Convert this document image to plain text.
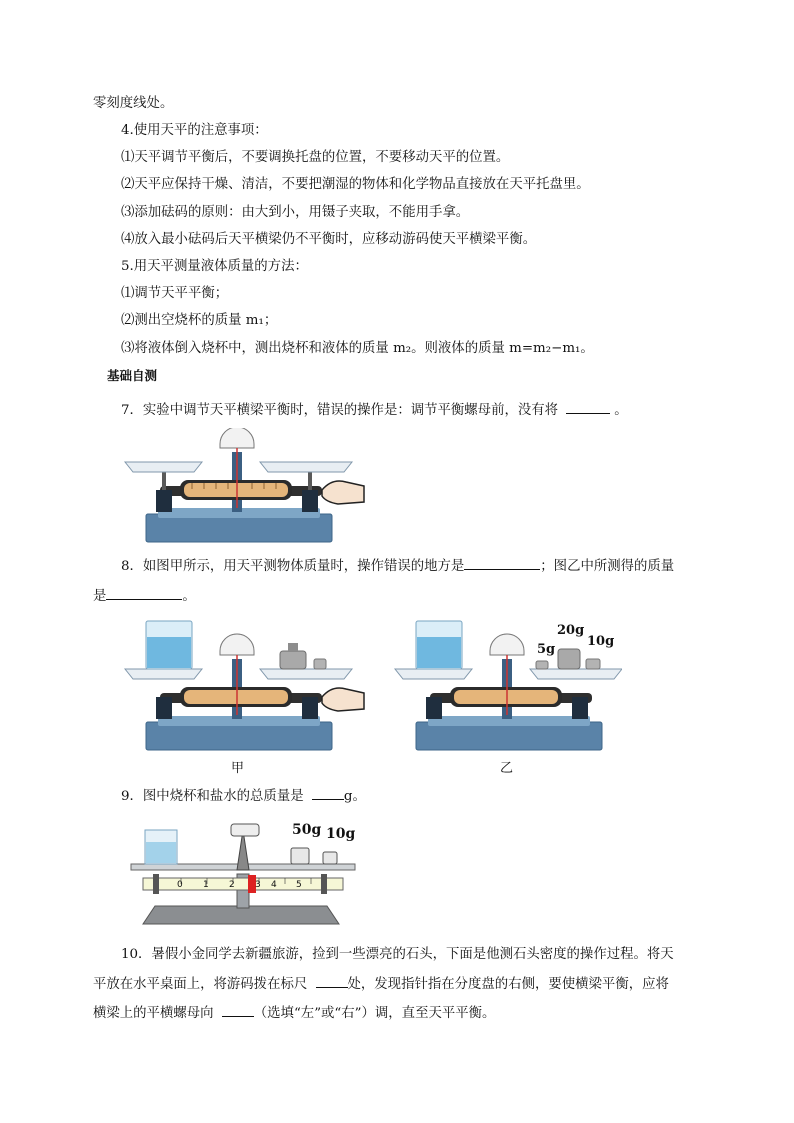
零刻度线处。
4.使用天平的注意事项：
⑴天平调节平衡后，不要调换托盘的位置，不要移动天平的位置。
⑵天平应保持干燥、清洁，不要把潮湿的物体和化学物品直接放在天平托盘里。
⑶添加砝码的原则：由大到小，用镊子夹取，不能用手拿。
⑷放入最小砝码后天平横梁仍不平衡时，应移动游码使天平横梁平衡。
5.用天平测量液体质量的方法：
⑴调节天平平衡；
⑵测出空烧杯的质量 m₁；
⑶将液体倒入烧杯中，测出烧杯和液体的质量 m₂。则液体的质量 m=m₂−m₁。
基础自测
7．实验中调节天平横梁平衡时，错误的操作是：调节平衡螺母前，没有将	。
8．如图甲所示，用天平测物体质量时，操作错误的地方是	；图乙中所测得的质量
是	。
甲
5g
20g
10g
乙
9．图中烧杯和盐水的总质量是	g。
0 1 2 3 4 5
50g 10g
10．暑假小金同学去新疆旅游，捡到一些漂亮的石头，下面是他测石头密度的操作过程。将天
平放在水平桌面上，将游码拨在标尺	处，发现指针指在分度盘的右侧，要使横梁平衡，应将
横梁上的平横螺母向	（选填“左”或“右”）调，直至天平平衡。
